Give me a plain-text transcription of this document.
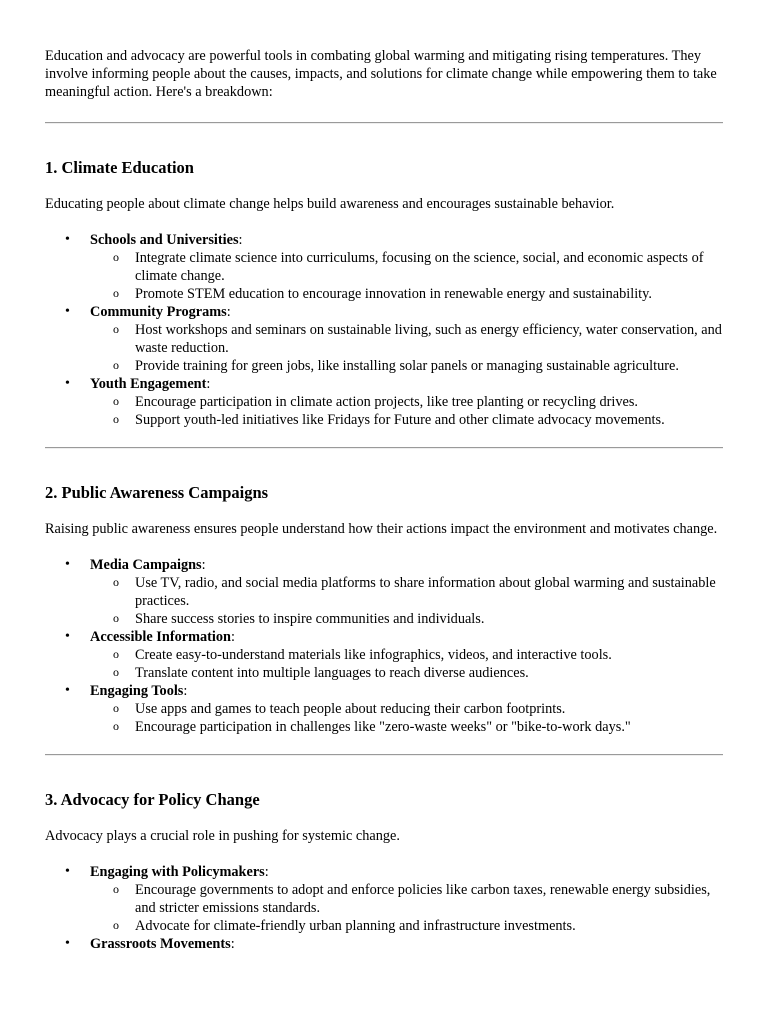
Education and advocacy are powerful tools in combating global warming and mitigating rising temperatures. They involve informing people about the causes, impacts, and solutions for climate change while empowering them to take meaningful action. Here's a breakdown:

1. Climate Education

Educating people about climate change helps build awareness and encourages sustainable behavior.

• Schools and Universities:
o Integrate climate science into curriculums, focusing on the science, social, and economic aspects of climate change.
o Promote STEM education to encourage innovation in renewable energy and sustainability.
• Community Programs:
o Host workshops and seminars on sustainable living, such as energy efficiency, water conservation, and waste reduction.
o Provide training for green jobs, like installing solar panels or managing sustainable agriculture.
• Youth Engagement:
o Encourage participation in climate action projects, like tree planting or recycling drives.
o Support youth-led initiatives like Fridays for Future and other climate advocacy movements.
2. Public Awareness Campaigns

Raising public awareness ensures people understand how their actions impact the environment and motivates change.

• Media Campaigns:
o Use TV, radio, and social media platforms to share information about global warming and sustainable practices.
o Share success stories to inspire communities and individuals.
• Accessible Information:
o Create easy-to-understand materials like infographics, videos, and interactive tools.
o Translate content into multiple languages to reach diverse audiences.
• Engaging Tools:
o Use apps and games to teach people about reducing their carbon footprints.
o Encourage participation in challenges like "zero-waste weeks" or "bike-to-work days."
3. Advocacy for Policy Change

Advocacy plays a crucial role in pushing for systemic change.

• Engaging with Policymakers:
o Encourage governments to adopt and enforce policies like carbon taxes, renewable energy subsidies, and stricter emissions standards.
o Advocate for climate-friendly urban planning and infrastructure investments.
• Grassroots Movements:
